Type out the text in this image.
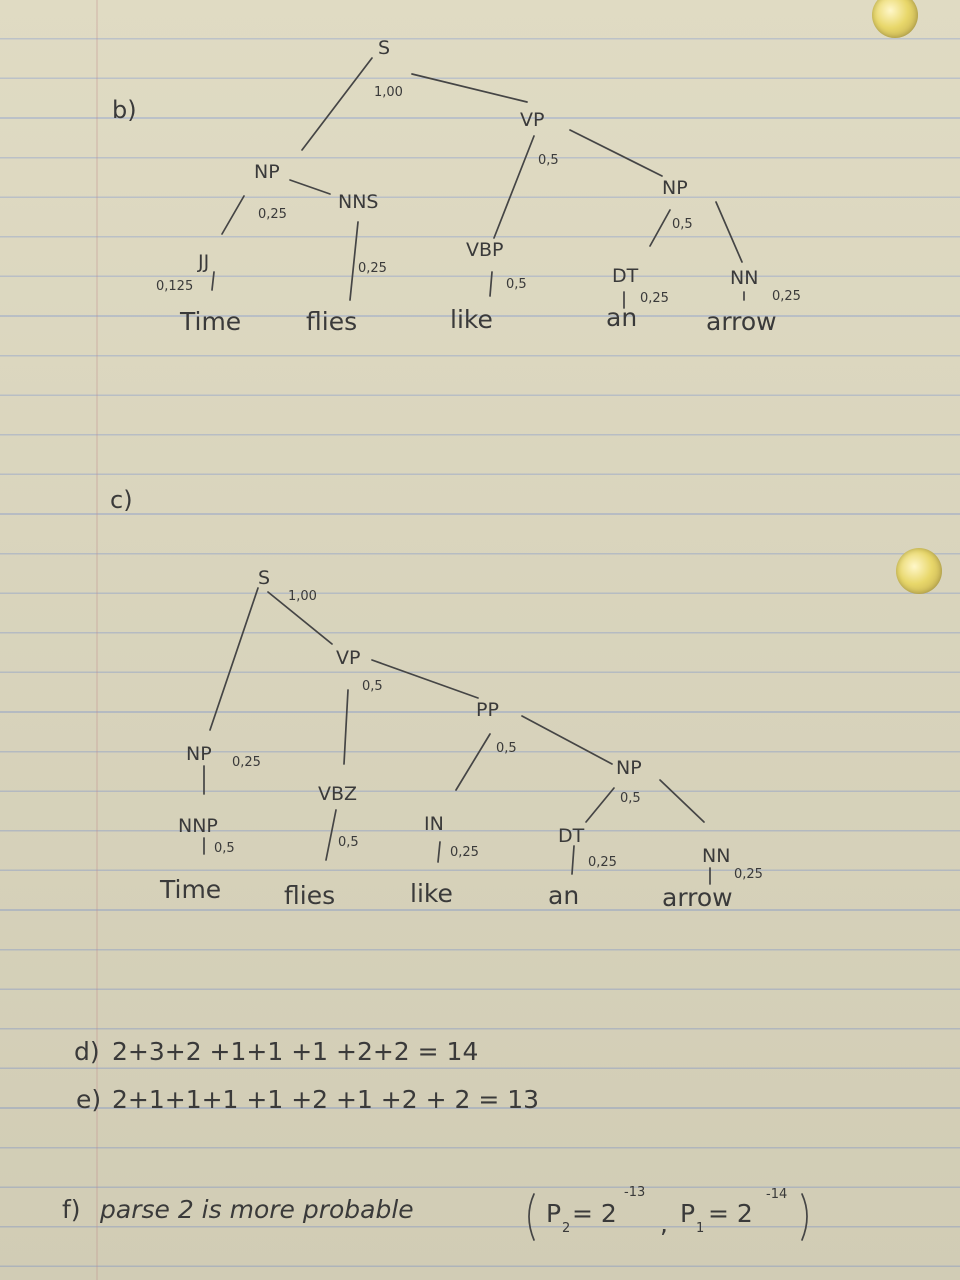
b)
S
VP
NP
NNS
NP
JJ
VBP
DT	NN
Time	flies	like	an	arrow
1,00
0,25
0,5
0,5
0,125
0,25
0,5
0,25	0,25
c)
S
VP
PP
NP
NP
NNP
VBZ
IN
DT
NN
Time	flies	like	an	arrow
1,00
0,5
0,5
0,25
0,5
0,5	0,5
0,25
0,25
0,25
d) 2+3+2 +1+1 +1 +2+2 = 14
e) 2+1+1+1 +1 +2 +1 +2 + 2 = 13
f) parse 2 is more probable	P
2
= 2
-13
, P
1
= 2
-14
